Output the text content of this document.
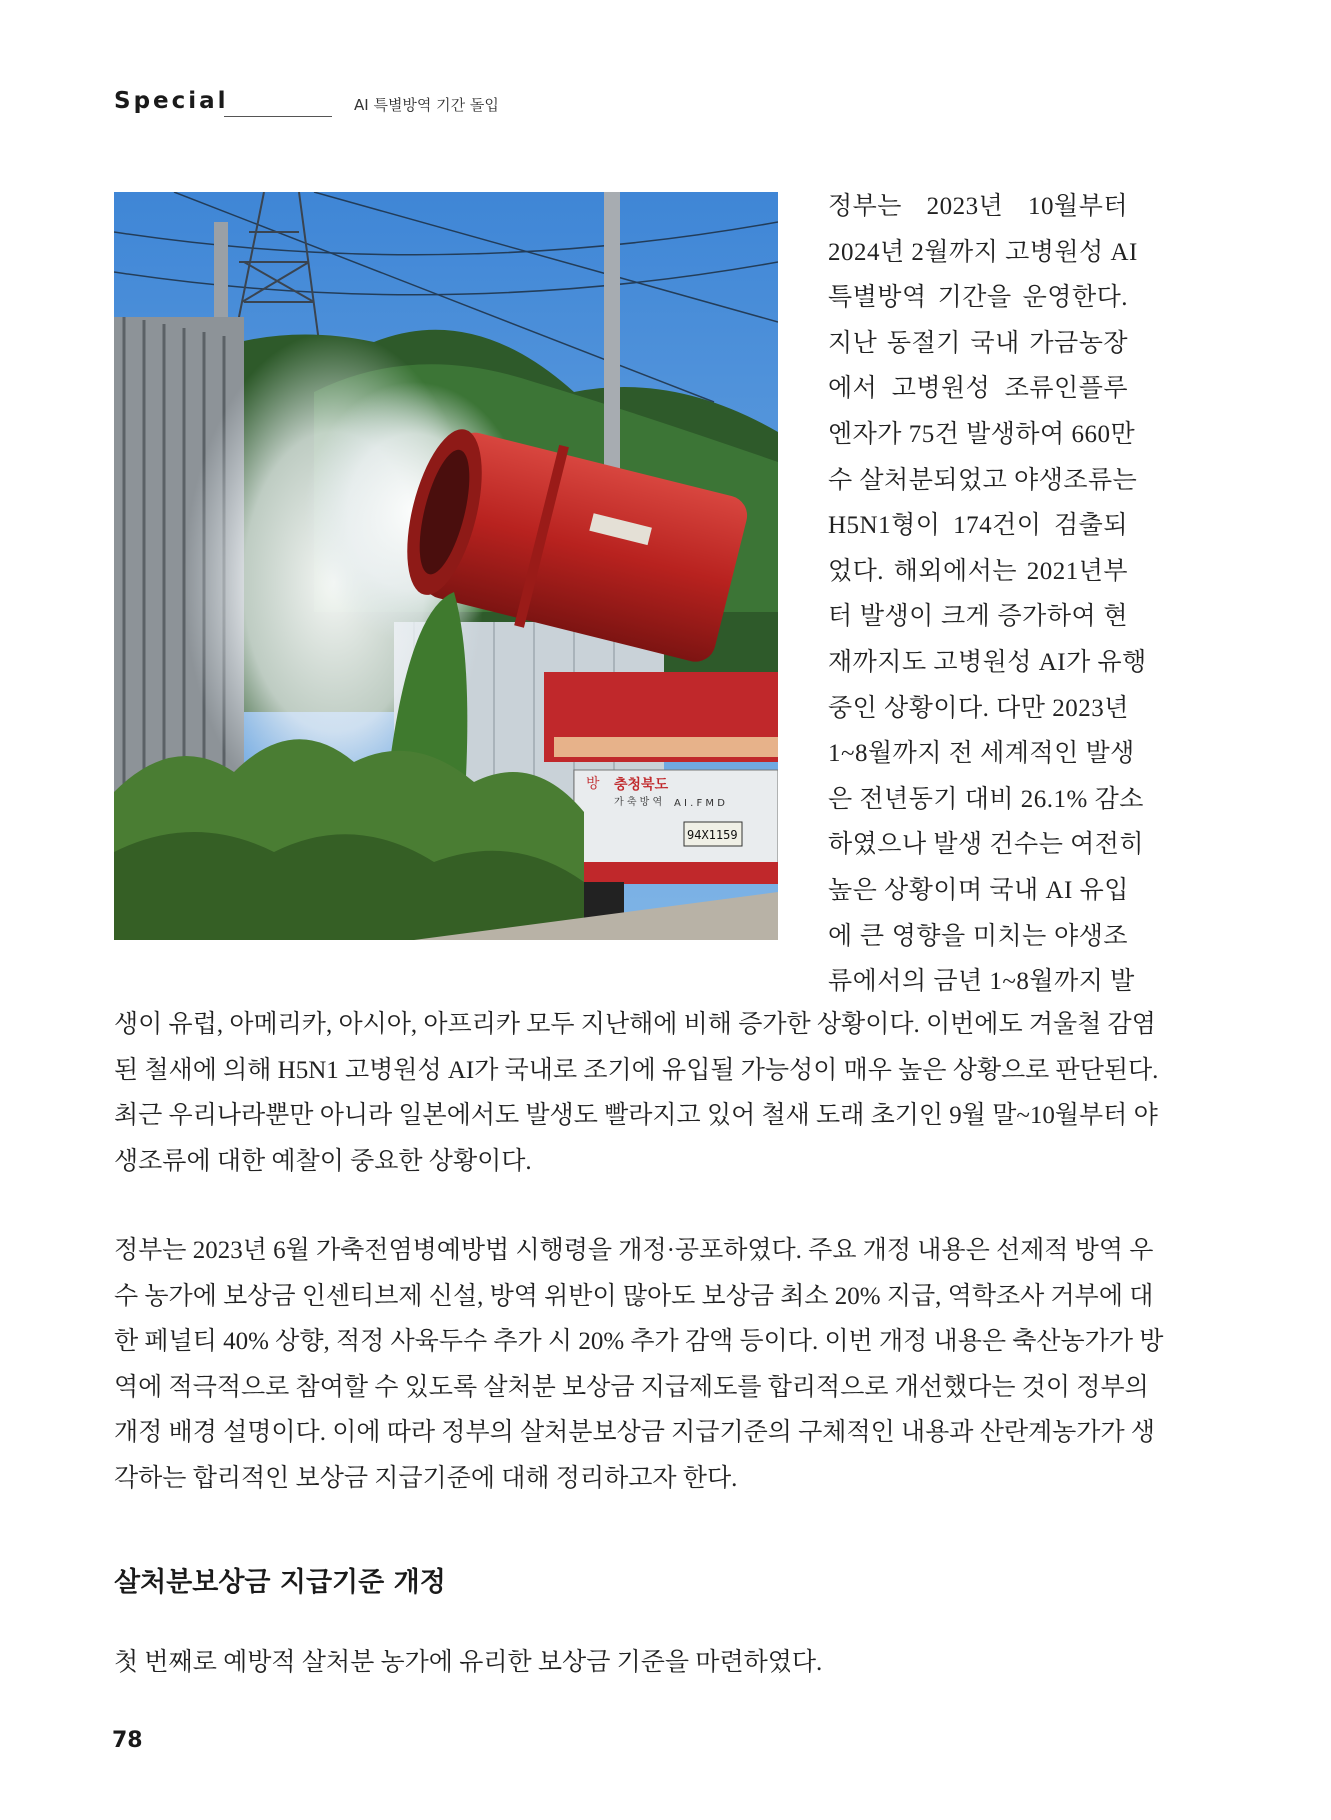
Special	AI 특별방역 기간 돌입
방 충청북도
가 축 방 역 A I . F M D
94X1159
정부는 2023년 10월부터
2024년 2월까지 고병원성 AI
특별방역 기간을 운영한다.
지난 동절기 국내 가금농장
에서 고병원성 조류인플루
엔자가 75건 발생하여 660만
수 살처분되었고 야생조류는
H5N1형이 174건이 검출되
었다. 해외에서는 2021년부
터 발생이 크게 증가하여 현
재까지도 고병원성 AI가 유행
중인 상황이다. 다만 2023년
1~8월까지 전 세계적인 발생
은 전년동기 대비 26.1% 감소
하였으나 발생 건수는 여전히
높은 상황이며 국내 AI 유입
에 큰 영향을 미치는 야생조
류에서의 금년 1~8월까지 발
생이 유럽, 아메리카, 아시아, 아프리카 모두 지난해에 비해 증가한 상황이다. 이번에도 겨울철 감염
된 철새에 의해 H5N1 고병원성 AI가 국내로 조기에 유입될 가능성이 매우 높은 상황으로 판단된다.
최근 우리나라뿐만 아니라 일본에서도 발생도 빨라지고 있어 철새 도래 초기인 9월 말~10월부터 야
생조류에 대한 예찰이 중요한 상황이다.
정부는 2023년 6월 가축전염병예방법 시행령을 개정·공포하였다. 주요 개정 내용은 선제적 방역 우
수 농가에 보상금 인센티브제 신설, 방역 위반이 많아도 보상금 최소 20% 지급, 역학조사 거부에 대
한 페널티 40% 상향, 적정 사육두수 추가 시 20% 추가 감액 등이다. 이번 개정 내용은 축산농가가 방
역에 적극적으로 참여할 수 있도록 살처분 보상금 지급제도를 합리적으로 개선했다는 것이 정부의
개정 배경 설명이다. 이에 따라 정부의 살처분보상금 지급기준의 구체적인 내용과 산란계농가가 생
각하는 합리적인 보상금 지급기준에 대해 정리하고자 한다.
살처분보상금 지급기준 개정
첫 번째로 예방적 살처분 농가에 유리한 보상금 기준을 마련하였다.
78
